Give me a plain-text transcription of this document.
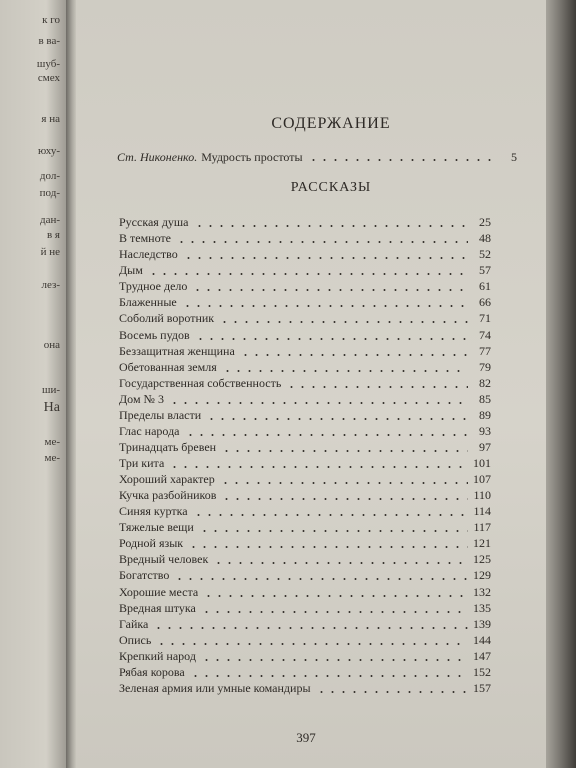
к го

в ва-

шуб-

смех

я на

юху-

дол-

под-

дан-

в я

й не

лез-

она

ши-

На

ме-

ме-

СОДЕРЖАНИЕ
Ст. Никоненко. Мудрость простоты	5
РАССКАЗЫ
Русская душа	25
В темноте	48
Наследство	52
Дым	57
Трудное дело	61
Блаженные	66
Соболий воротник	71
Восемь пудов	74
Беззащитная женщина	77
Обетованная земля	79
Государственная собственность	82
Дом № 3	85
Пределы власти	89
Глас народа	93
Тринадцать бревен	97
Три кита	101
Хороший характер	107
Кучка разбойников	110
Синяя куртка	114
Тяжелые вещи	117
Родной язык	121
Вредный человек	125
Богатство	129
Хорошие места	132
Вредная штука	135
Гайка	139
Опись	144
Крепкий народ	147
Рябая корова	152
Зеленая армия или умные командиры	157

397
